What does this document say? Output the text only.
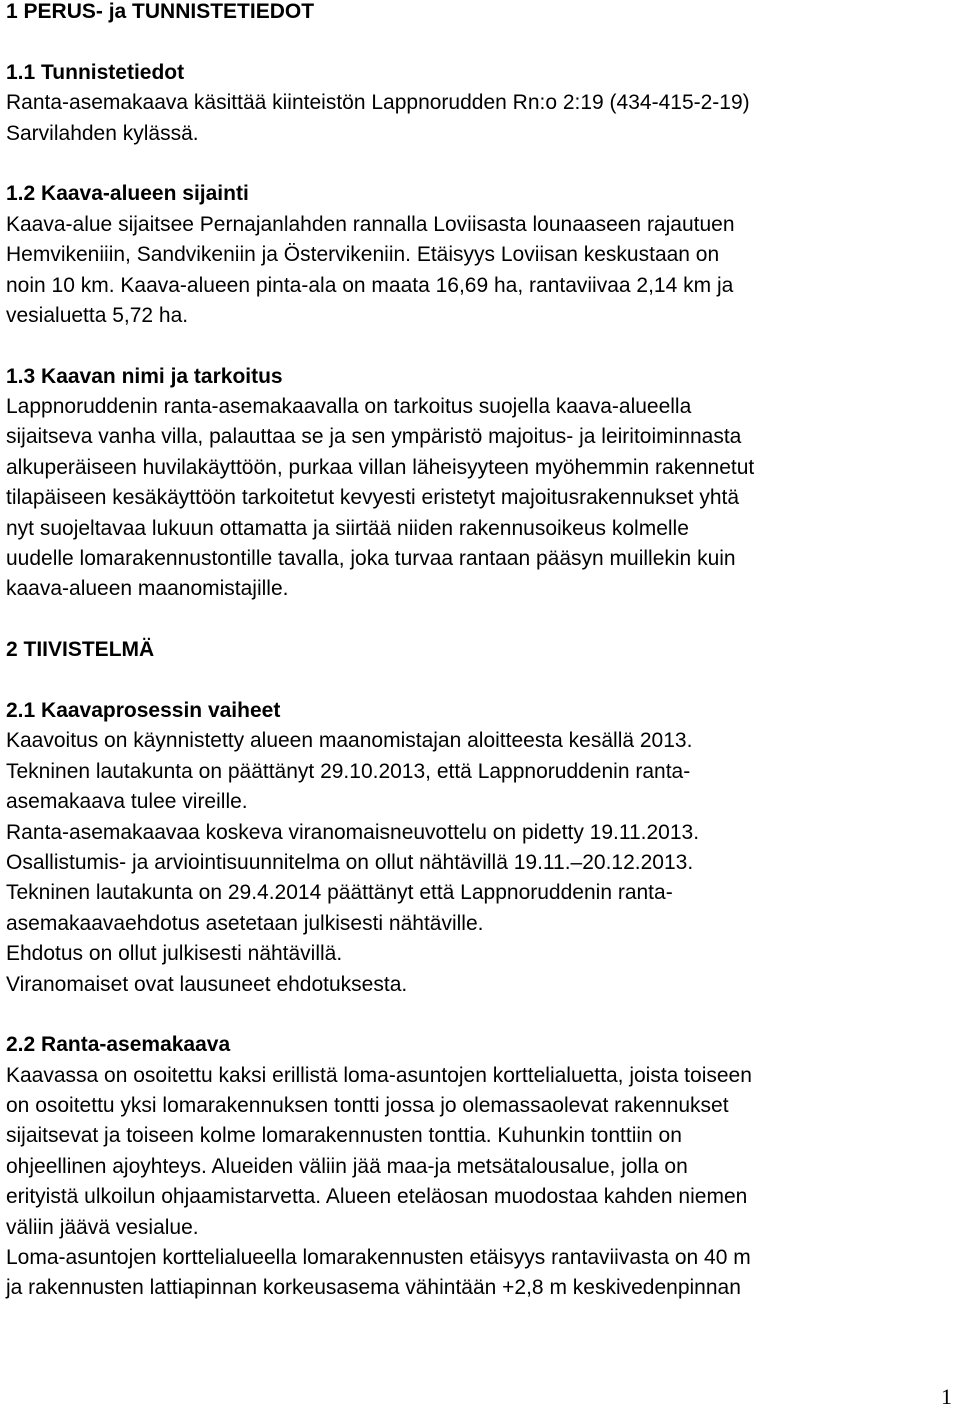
1 PERUS- ja TUNNISTETIEDOT
1.1 Tunnistetiedot
Ranta-asemakaava käsittää kiinteistön Lappnorudden Rn:o 2:19 (434-415-2-19)
Sarvilahden kylässä.
1.2 Kaava-alueen sijainti
Kaava-alue sijaitsee Pernajanlahden rannalla Loviisasta lounaaseen rajautuen
Hemvikeniiin, Sandvikeniin ja Östervikeniin. Etäisyys Loviisan keskustaan on
noin 10 km. Kaava-alueen pinta-ala on maata 16,69 ha, rantaviivaa 2,14 km ja
vesialuetta 5,72 ha.
1.3 Kaavan nimi ja tarkoitus
Lappnoruddenin ranta-asemakaavalla on tarkoitus suojella kaava-alueella
sijaitseva vanha villa, palauttaa se ja sen ympäristö majoitus- ja leiritoiminnasta
alkuperäiseen huvilakäyttöön, purkaa villan läheisyyteen myöhemmin rakennetut
tilapäiseen kesäkäyttöön tarkoitetut kevyesti eristetyt majoitusrakennukset yhtä
nyt suojeltavaa lukuun ottamatta ja siirtää niiden rakennusoikeus kolmelle
uudelle lomarakennustontille tavalla, joka turvaa rantaan pääsyn muillekin kuin
kaava-alueen maanomistajille.
2 TIIVISTELMÄ
2.1 Kaavaprosessin vaiheet
Kaavoitus on käynnistetty alueen maanomistajan aloitteesta kesällä 2013.
Tekninen lautakunta on päättänyt 29.10.2013, että Lappnoruddenin ranta-
asemakaava tulee vireille.
Ranta-asemakaavaa koskeva viranomaisneuvottelu on pidetty 19.11.2013.
Osallistumis- ja arviointisuunnitelma on ollut nähtävillä 19.11.–20.12.2013.
Tekninen lautakunta on 29.4.2014 päättänyt että Lappnoruddenin ranta-
asemakaavaehdotus asetetaan julkisesti nähtäville.
Ehdotus on ollut julkisesti nähtävillä.
Viranomaiset ovat lausuneet ehdotuksesta.
2.2 Ranta-asemakaava
Kaavassa on osoitettu kaksi erillistä loma-asuntojen korttelialuetta, joista toiseen
on osoitettu yksi lomarakennuksen tontti jossa jo olemassaolevat rakennukset
sijaitsevat ja toiseen kolme lomarakennusten tonttia. Kuhunkin tonttiin on
ohjeellinen ajoyhteys. Alueiden väliin jää maa-ja metsätalousalue, jolla on
erityistä ulkoilun ohjaamistarvetta. Alueen eteläosan muodostaa kahden niemen
väliin jäävä vesialue.
Loma-asuntojen korttelialueella lomarakennusten etäisyys rantaviivasta on 40 m
ja rakennusten lattiapinnan korkeusasema vähintään +2,8 m keskivedenpinnan
1
